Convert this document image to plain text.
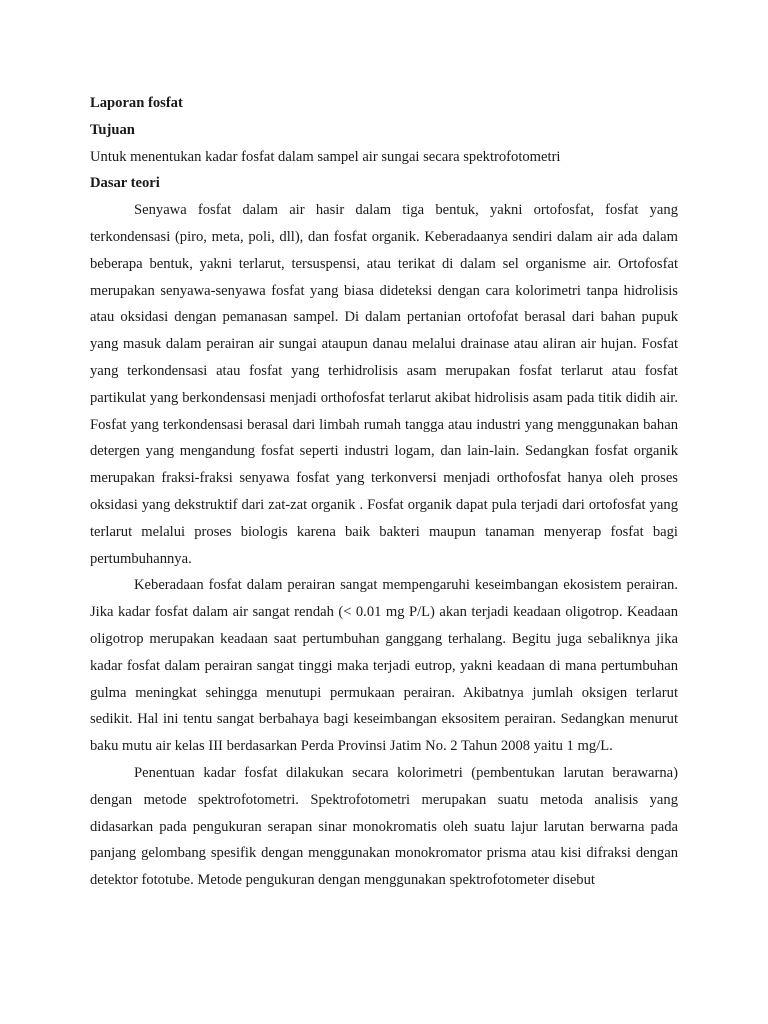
Laporan fosfat

Tujuan

Untuk menentukan kadar fosfat dalam sampel air sungai secara spektrofotometri

Dasar teori

Senyawa fosfat dalam air hasir dalam tiga bentuk, yakni ortofosfat, fosfat yang terkondensasi (piro, meta, poli, dll), dan fosfat organik. Keberadaanya sendiri dalam air ada dalam beberapa bentuk, yakni terlarut, tersuspensi, atau terikat di dalam sel organisme air. Ortofosfat merupakan senyawa-senyawa fosfat yang biasa dideteksi dengan cara kolorimetri tanpa hidrolisis atau oksidasi dengan pemanasan sampel. Di dalam pertanian ortofofat berasal dari bahan pupuk yang masuk dalam perairan air sungai ataupun danau melalui drainase atau aliran air hujan. Fosfat yang terkondensasi atau fosfat yang terhidrolisis asam merupakan fosfat terlarut atau fosfat partikulat yang berkondensasi menjadi orthofosfat terlarut akibat hidrolisis asam pada titik didih air. Fosfat yang terkondensasi berasal dari limbah rumah tangga atau industri yang menggunakan bahan detergen yang mengandung fosfat seperti industri logam, dan lain-lain. Sedangkan fosfat organik merupakan fraksi-fraksi senyawa fosfat yang terkonversi menjadi orthofosfat hanya oleh proses oksidasi yang dekstruktif dari zat-zat organik . Fosfat organik dapat pula terjadi dari ortofosfat yang terlarut melalui proses biologis karena baik bakteri maupun tanaman menyerap fosfat bagi pertumbuhannya.

Keberadaan fosfat dalam perairan sangat mempengaruhi keseimbangan ekosistem perairan. Jika kadar fosfat dalam air sangat rendah (< 0.01 mg P/L) akan terjadi keadaan oligotrop. Keadaan oligotrop merupakan keadaan saat pertumbuhan ganggang terhalang. Begitu juga sebaliknya jika kadar fosfat dalam perairan sangat tinggi maka terjadi eutrop, yakni keadaan di mana pertumbuhan gulma meningkat sehingga menutupi permukaan perairan. Akibatnya jumlah oksigen terlarut sedikit. Hal ini tentu sangat berbahaya bagi keseimbangan eksositem perairan. Sedangkan menurut baku mutu air kelas III berdasarkan Perda Provinsi Jatim No. 2 Tahun 2008 yaitu 1 mg/L.

Penentuan kadar fosfat dilakukan secara kolorimetri (pembentukan larutan berawarna) dengan metode spektrofotometri. Spektrofotometri merupakan suatu metoda analisis yang didasarkan pada pengukuran serapan sinar monokromatis oleh suatu lajur larutan berwarna pada panjang gelombang spesifik dengan menggunakan monokromator prisma atau kisi difraksi dengan detektor fototube. Metode pengukuran dengan menggunakan spektrofotometer disebut
